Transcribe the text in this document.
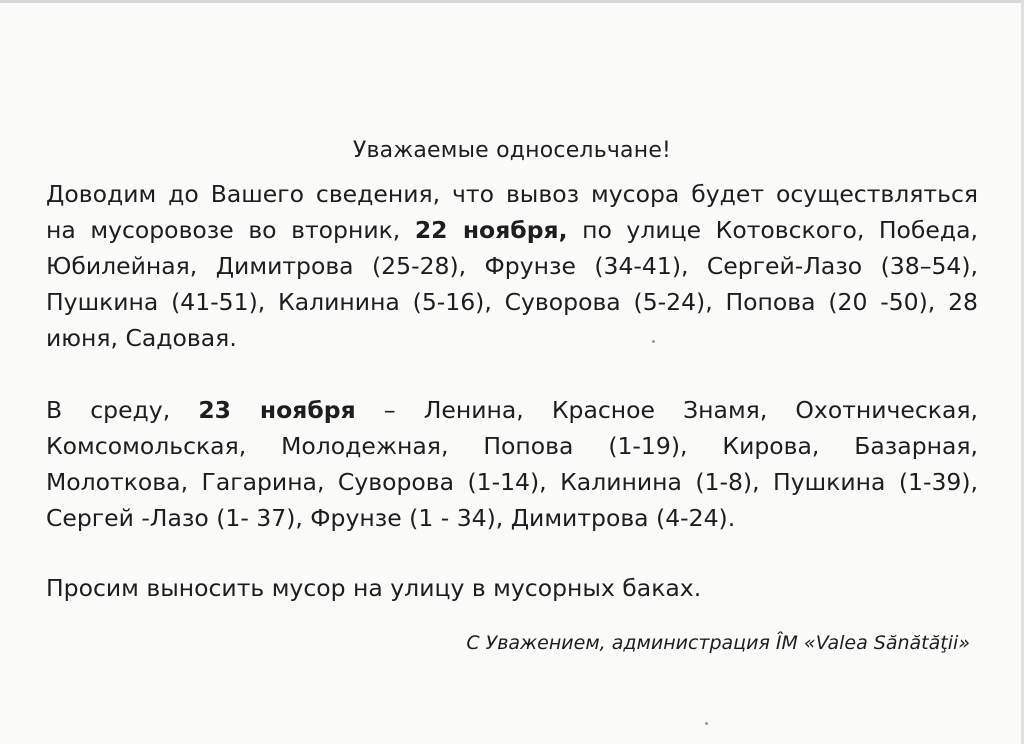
Уважаемые односельчане!
Доводим до Вашего сведения, что вывоз мусора будет осуществляться на мусоровозе во вторник, 22 ноября, по улице Котовского, Победа, Юбилейная, Димитрова (25-28), Фрунзе (34-41), Сергей-Лазо (38–54), Пушкина (41-51), Калинина (5-16), Суворова (5-24), Попова (20 -50), 28 июня, Садовая.
В среду, 23 ноября – Ленина, Красное Знамя, Охотническая, Комсомольская, Молодежная, Попова (1-19), Кирова, Базарная, Молоткова, Гагарина, Суворова (1-14), Калинина (1-8), Пушкина (1-39), Сергей -Лазо (1- 37), Фрунзе (1 - 34), Димитрова (4-24).
Просим выносить мусор на улицу в мусорных баках.
С Уважением, администрация ÎM «Valea Sănătăţii»
